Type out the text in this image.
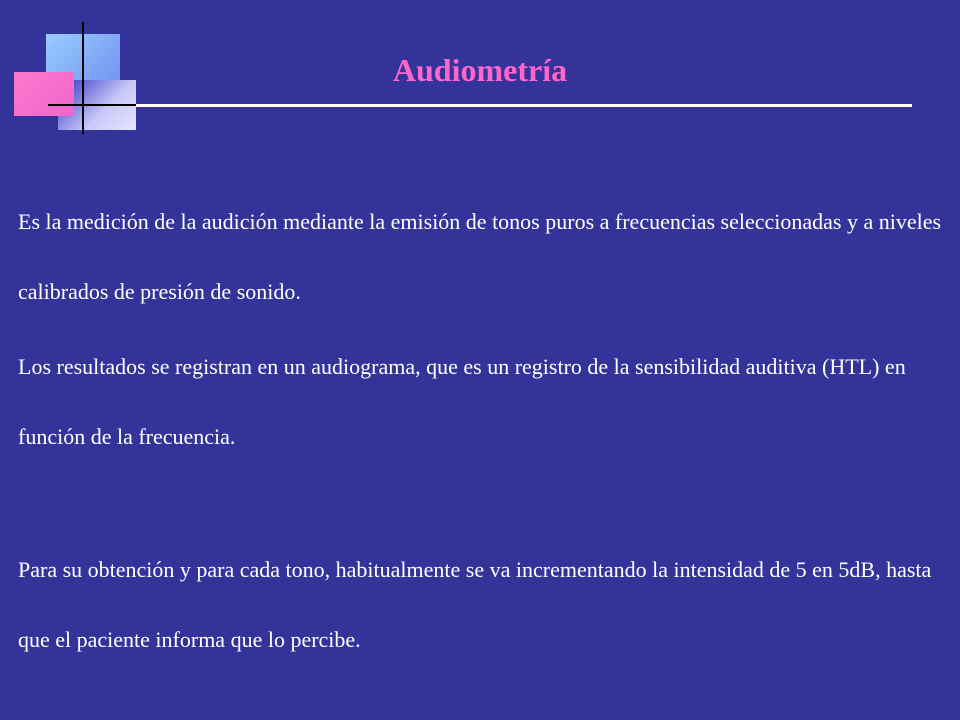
Audiometría

Es la medición de la audición mediante la emisión de tonos puros a frecuencias seleccionadas y a niveles calibrados de presión de sonido.

Los resultados se registran en un audiograma, que es un registro de la sensibilidad auditiva (HTL) en función de la frecuencia.

Para su obtención y para cada tono, habitualmente se va incrementando la intensidad de 5 en 5dB, hasta que el paciente informa que lo percibe.
